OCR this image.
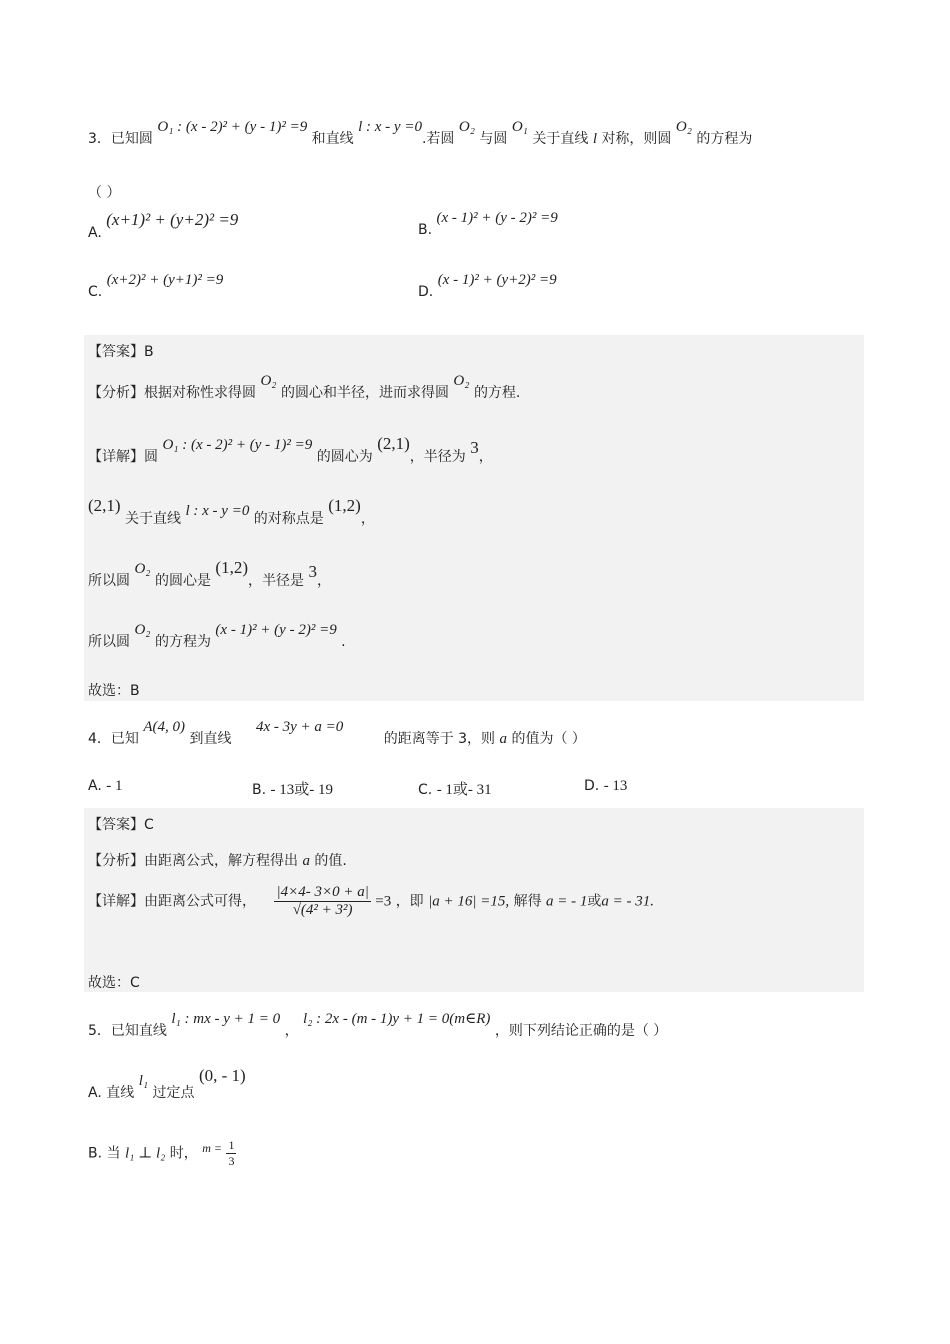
3．已知圆 O₁ : (x - 2)² + (y - 1)² =9 和直线 l : x - y =0.若圆 O₂ 与圆 O₁ 关于直线 l 对称，则圆 O₂ 的方程为
（ ）
A. (x+1)² + (y+2)² =9
B. (x - 1)² + (y - 2)² =9
C. (x+2)² + (y+1)² =9
D. (x - 1)² + (y+2)² =9
【答案】B
【分析】根据对称性求得圆 O₂ 的圆心和半径，进而求得圆 O₂ 的方程.
【详解】圆 O₁ : (x - 2)² + (y - 1)² =9 的圆心为 (2,1)，半径为 3，
(2,1) 关于直线 l : x - y =0 的对称点是 (1,2)，
所以圆 O₂ 的圆心是 (1,2)，半径是 3，
所以圆 O₂ 的方程为 (x - 1)² + (y - 2)² =9 .
故选：B
4．已知 A(4, 0) 到直线 4x - 3y + a =0 的距离等于 3，则 a 的值为（ ）
A. - 1	B. - 13或- 19	C. - 1或- 31	D. - 13
【答案】C
【分析】由距离公式，解方程得出 a 的值.
【详解】由距离公式可得， $\frac{|4\times 4- 3\times 0 + a|}{\text{√(4² + 3²)}} =3$ ，即 |a + 16| =15, 解得 a = - 1或a = - 31.
故选：C
5．已知直线 l₁ : mx - y + 1 = 0 ， l₂ : 2x - (m - 1)y + 1 = 0(m∈R) ，则下列结论正确的是（ ）
A. 直线 l₁ 过定点 (0, - 1)
B. 当 l₁ ⊥ l₂ 时， $m = \frac{1}{3}$
